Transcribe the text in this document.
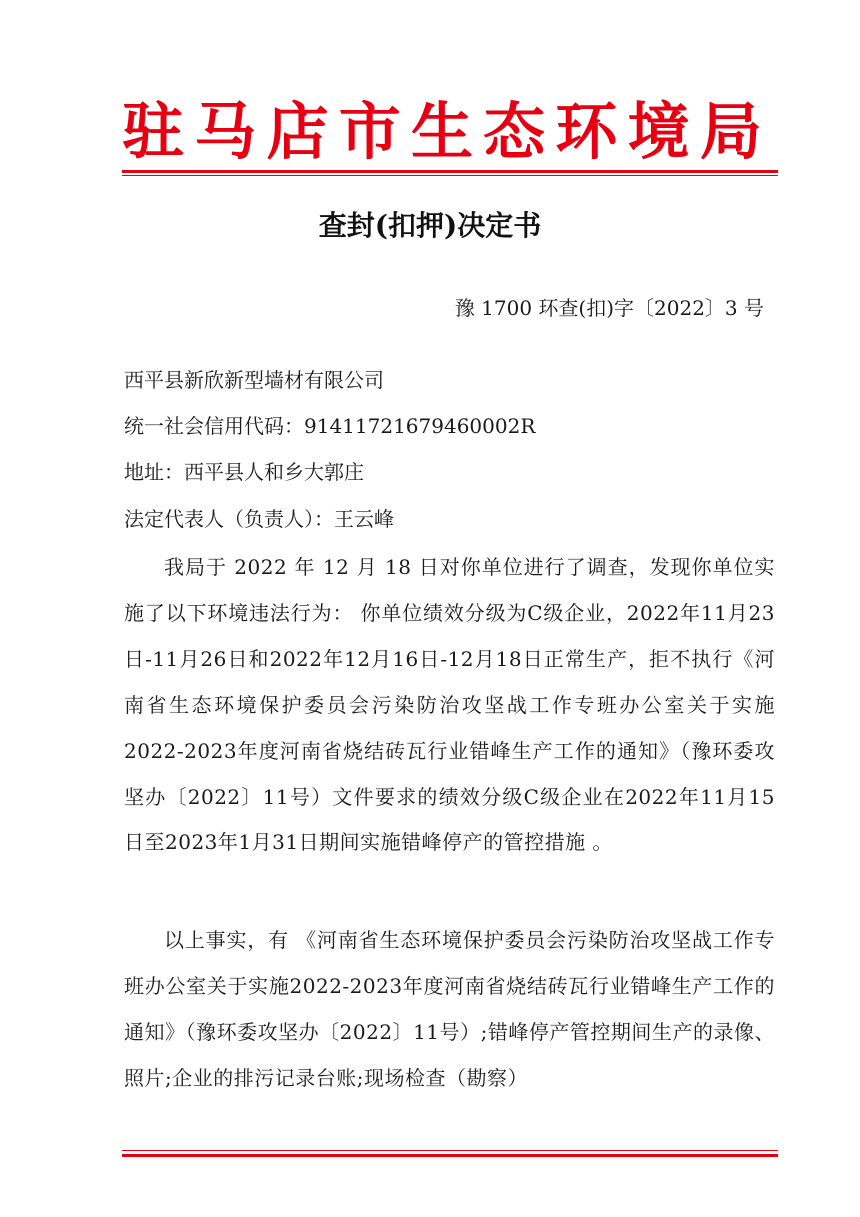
驻 马 店 市 生 态 环 境 局
查封(扣押)决定书
豫 1700 环查(扣)字〔2022〕3 号
西平县新欣新型墙材有限公司
统一社会信用代码：91411721679460002R
地址：西平县人和乡大郭庄
法定代表人（负责人）：王云峰
我局于 2022 年 12 月 18 日对你单位进行了调查，发现你单位实施了以下环境违法行为： 你单位绩效分级为C级企业，2022年11月23日-11月26日和2022年12月16日-12月18日正常生产，拒不执行《河南省生态环境保护委员会污染防治攻坚战工作专班办公室关于实施2022-2023年度河南省烧结砖瓦行业错峰生产工作的通知》（豫环委攻坚办〔2022〕11号）文件要求的绩效分级C级企业在2022年11月15日至2023年1月31日期间实施错峰停产的管控措施 。
以上事实，有 《河南省生态环境保护委员会污染防治攻坚战工作专班办公室关于实施2022-2023年度河南省烧结砖瓦行业错峰生产工作的通知》（豫环委攻坚办〔2022〕11号）;错峰停产管控期间生产的录像、照片;企业的排污记录台账;现场检查（勘察）
